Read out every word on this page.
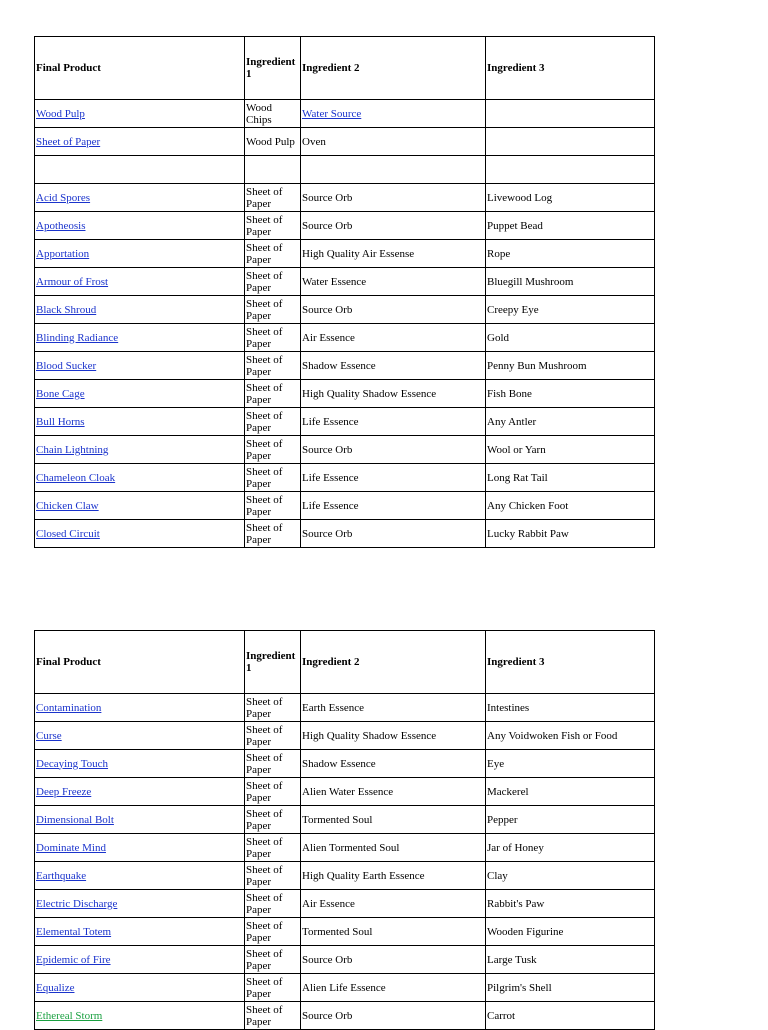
Final Product	Ingredient 1	Ingredient 2	Ingredient 3
Wood Pulp	Wood Chips	Water Source	
Sheet of Paper	Wood Pulp	Oven	

Acid Spores	Sheet of Paper	Source Orb	Livewood Log
Apotheosis	Sheet of Paper	Source Orb	Puppet Bead
Apportation	Sheet of Paper	High Quality Air Essense	Rope
Armour of Frost	Sheet of Paper	Water Essence	Bluegill Mushroom
Black Shroud	Sheet of Paper	Source Orb	Creepy Eye
Blinding Radiance	Sheet of Paper	Air Essence	Gold
Blood Sucker	Sheet of Paper	Shadow Essence	Penny Bun Mushroom
Bone Cage	Sheet of Paper	High Quality Shadow Essence	Fish Bone
Bull Horns	Sheet of Paper	Life Essence	Any Antler
Chain Lightning	Sheet of Paper	Source Orb	Wool or Yarn
Chameleon Cloak	Sheet of Paper	Life Essence	Long Rat Tail
Chicken Claw	Sheet of Paper	Life Essence	Any Chicken Foot
Closed Circuit	Sheet of Paper	Source Orb	Lucky Rabbit Paw
Final Product	Ingredient 1	Ingredient 2	Ingredient 3
Contamination	Sheet of Paper	Earth Essence	Intestines
Curse	Sheet of Paper	High Quality Shadow Essence	Any Voidwoken Fish or Food
Decaying Touch	Sheet of Paper	Shadow Essence	Eye
Deep Freeze	Sheet of Paper	Alien Water Essence	Mackerel
Dimensional Bolt	Sheet of Paper	Tormented Soul	Pepper
Dominate Mind	Sheet of Paper	Alien Tormented Soul	Jar of Honey
Earthquake	Sheet of Paper	High Quality Earth Essence	Clay
Electric Discharge	Sheet of Paper	Air Essence	Rabbit's Paw
Elemental Totem	Sheet of Paper	Tormented Soul	Wooden Figurine
Epidemic of Fire	Sheet of Paper	Source Orb	Large Tusk
Equalize	Sheet of Paper	Alien Life Essence	Pilgrim's Shell
Ethereal Storm	Sheet of Paper	Source Orb	Carrot
